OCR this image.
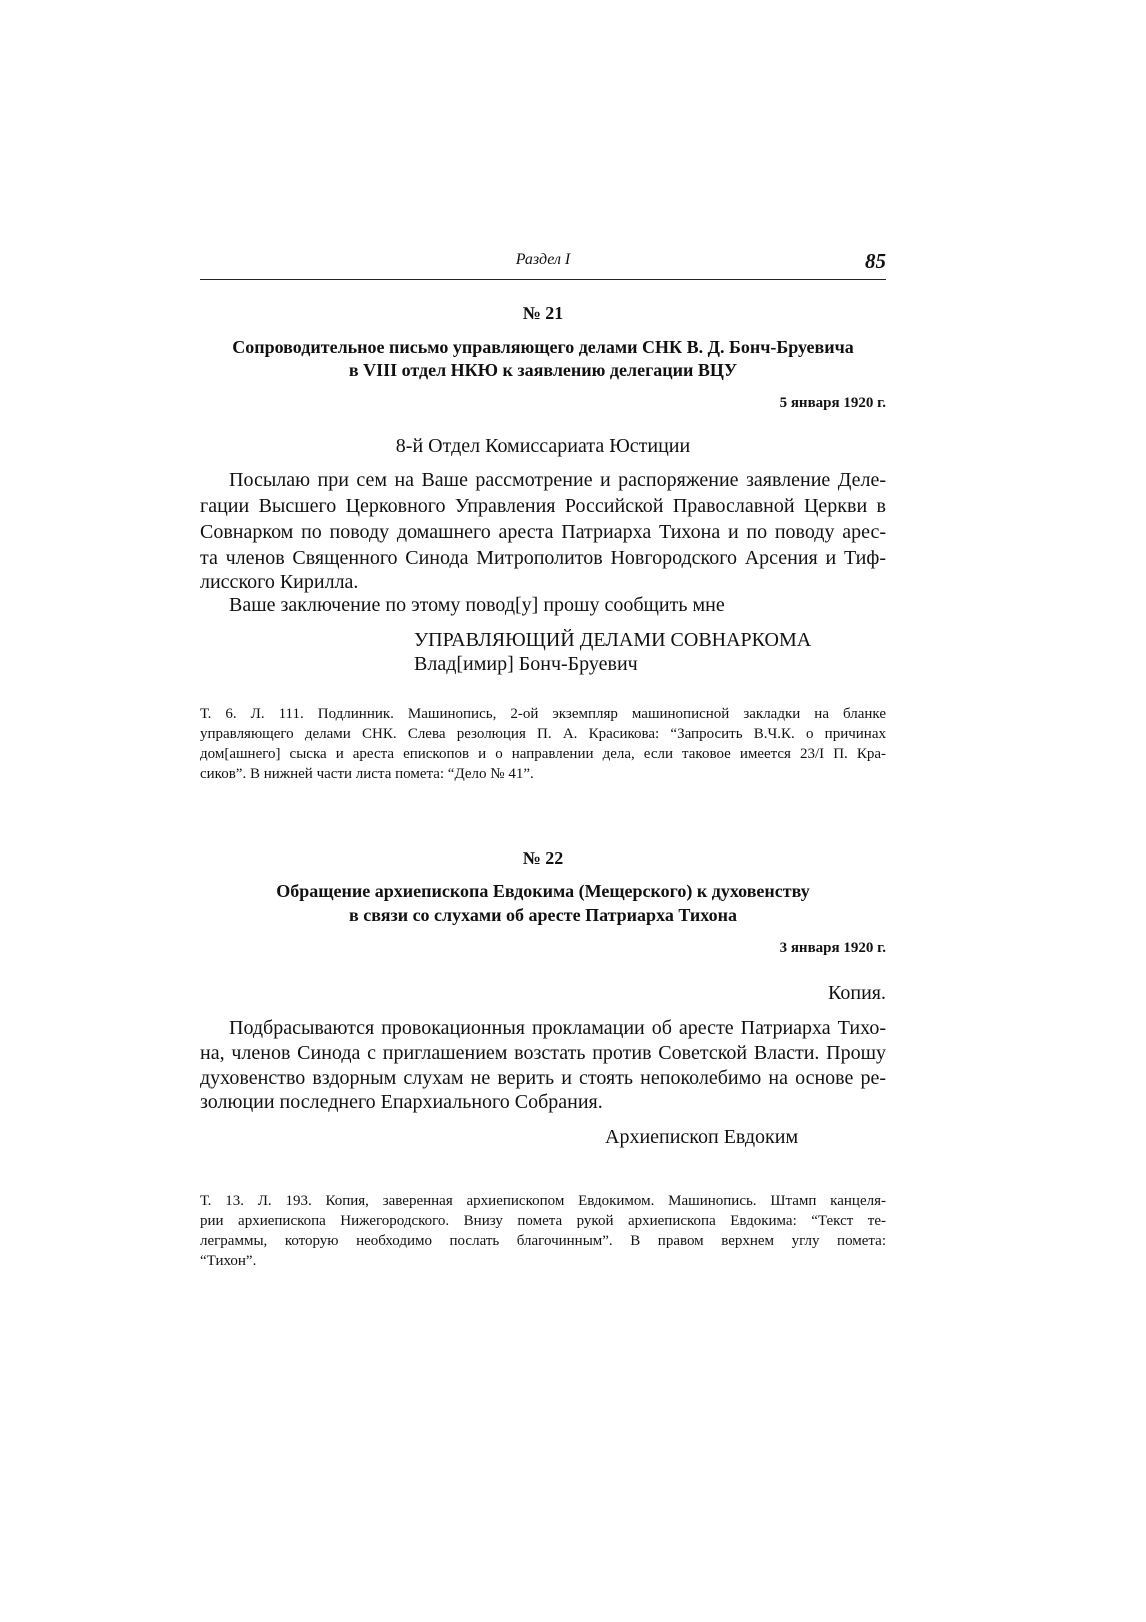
Раздел I	85
№ 21
Сопроводительное письмо управляющего делами СНК В. Д. Бонч-Бруевича
в VIII отдел НКЮ к заявлению делегации ВЦУ
5 января 1920 г.
8-й Отдел Комиссариата Юстиции
Посылаю при сем на Ваше рассмотрение и распоряжение заявление Деле-
гации Высшего Церковного Управления Российской Православной Церкви в
Совнарком по поводу домашнего ареста Патриарха Тихона и по поводу арес-
та членов Священного Синода Митрополитов Новгородского Арсения и Тиф-
лисского Кирилла.
Ваше заключение по этому повод[у] прошу сообщить мне
УПРАВЛЯЮЩИЙ ДЕЛАМИ СОВНАРКОМА
Влад[имир] Бонч-Бруевич
Т. 6. Л. 111. Подлинник. Машинопись, 2-ой экземпляр машинописной закладки на бланке
управляющего делами СНК. Слева резолюция П. А. Красикова: “Запросить В.Ч.К. о причинах
дом[ашнего] сыска и ареста епископов и о направлении дела, если таковое имеется 23/I П. Кра-
сиков”. В нижней части листа помета: “Дело № 41”.
№ 22
Обращение архиепископа Евдокима (Мещерского) к духовенству
в связи со слухами об аресте Патриарха Тихона
3 января 1920 г.
Копия.
Подбрасываются провокационныя прокламации об аресте Патриарха Тихо-
на, членов Синода с приглашением возстать против Советской Власти. Прошу
духовенство вздорным слухам не верить и стоять непоколебимо на основе ре-
золюции последнего Епархиального Собрания.
Архиепископ Евдоким
Т. 13. Л. 193. Копия, заверенная архиепископом Евдокимом. Машинопись. Штамп канцеля-
рии архиепископа Нижегородского. Внизу помета рукой архиепископа Евдокима: “Текст те-
леграммы, которую необходимо послать благочинным”. В правом верхнем углу помета:
“Тихон”.
